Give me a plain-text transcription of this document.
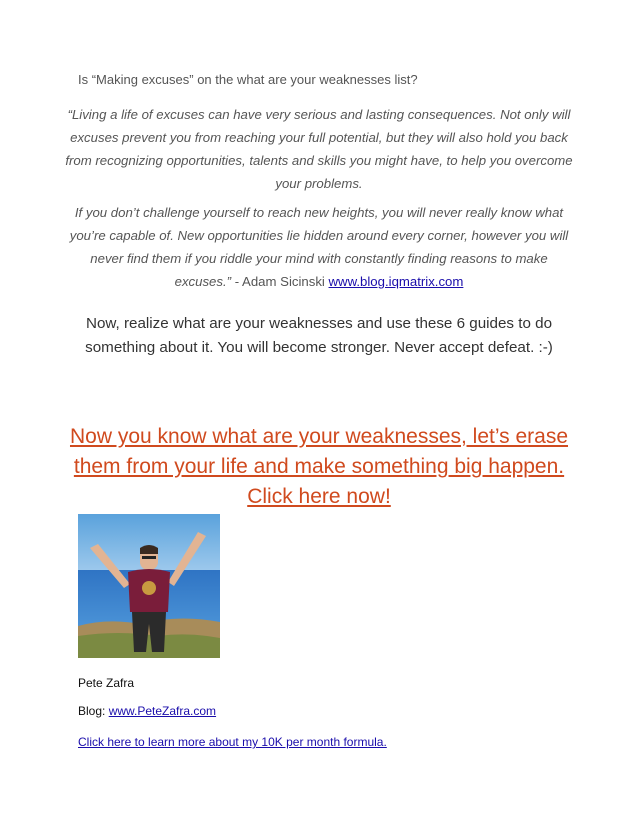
Is “Making excuses” on the what are your weaknesses list?
“Living a life of excuses can have very serious and lasting consequences. Not only will excuses prevent you from reaching your full potential, but they will also hold you back from recognizing opportunities, talents and skills you might have, to help you overcome your problems.
If you don’t challenge yourself to reach new heights, you will never really know what you’re capable of. New opportunities lie hidden around every corner, however you will never find them if you riddle your mind with constantly finding reasons to make excuses.” - Adam Sicinski www.blog.iqmatrix.com
Now, realize what are your weaknesses and use these 6 guides to do something about it. You will become stronger. Never accept defeat. :-)
Now you know what are your weaknesses, let’s erase them from your life and make something big happen. Click here now!
Pete Zafra
Blog: www.PeteZafra.com
Click here to learn more about my 10K per month formula.
